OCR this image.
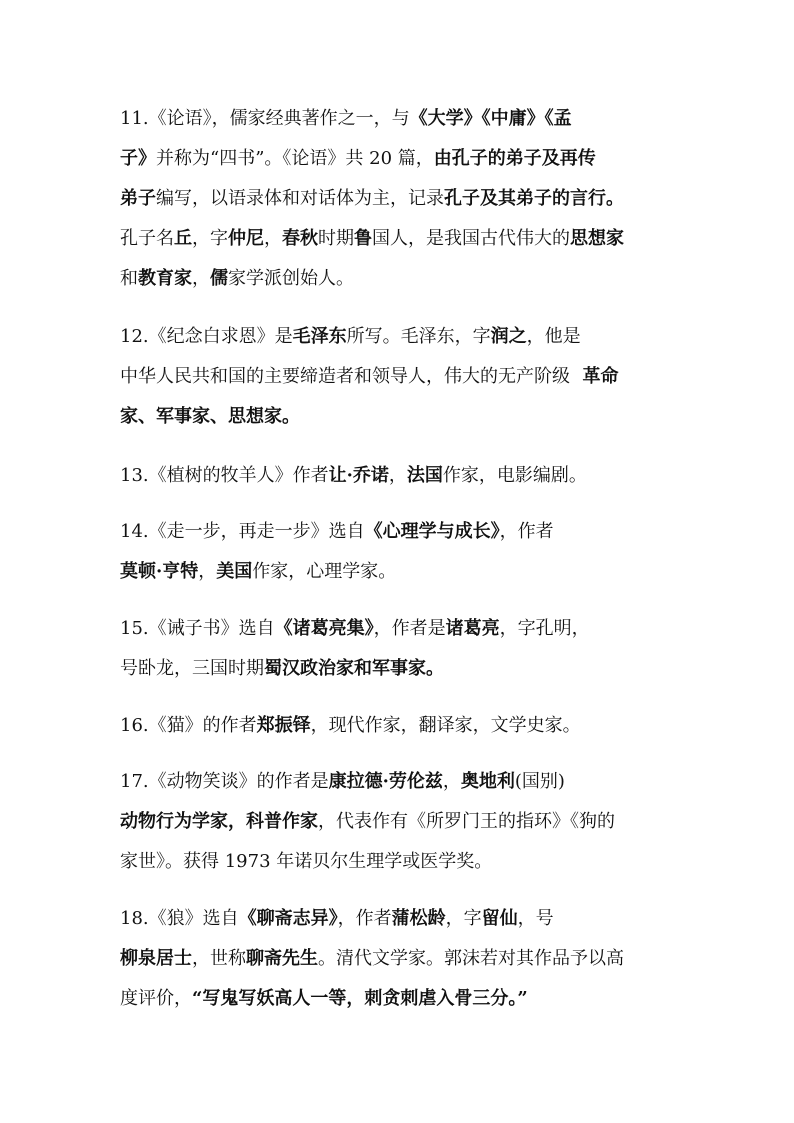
11.《论语》，儒家经典著作之一，与《大学》《中庸》《孟
子》并称为“四书”。《论语》共 20 篇，由孔子的弟子及再传
弟子编写，以语录体和对话体为主，记录孔子及其弟子的言行。
孔子名丘，字仲尼，春秋时期鲁国人，是我国古代伟大的思想家
和教育家，儒家学派创始人。
12.《纪念白求恩》是毛泽东所写。毛泽东，字润之，他是
中华人民共和国的主要缔造者和领导人，伟大的无产阶级  革命
家、军事家、思想家。
13.《植树的牧羊人》作者让·乔诺，法国作家，电影编剧。
14.《走一步，再走一步》选自《心理学与成长》，作者
莫顿·亨特，美国作家，心理学家。
15.《诫子书》选自《诸葛亮集》，作者是诸葛亮，字孔明，
号卧龙，三国时期蜀汉政治家和军事家。
16.《猫》的作者郑振铎，现代作家，翻译家，文学史家。
17.《动物笑谈》的作者是康拉德·劳伦兹，奥地利(国别)
动物行为学家，科普作家，代表作有《所罗门王的指环》《狗的
家世》。获得 1973 年诺贝尔生理学或医学奖。
18.《狼》选自《聊斋志异》，作者蒲松龄，字留仙，号
柳泉居士，世称聊斋先生。清代文学家。郭沫若对其作品予以高
度评价，“写鬼写妖高人一等，刺贪刺虐入骨三分。”
